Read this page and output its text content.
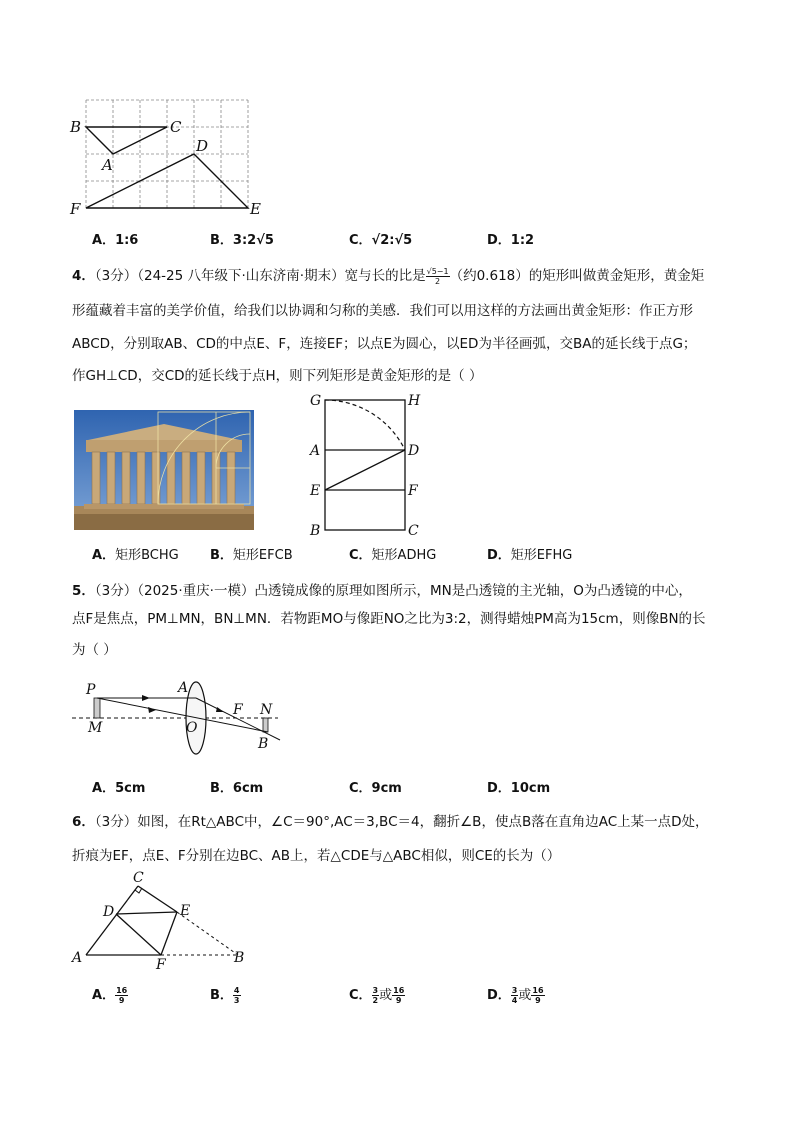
B	C
A
D
F	E
A．1:6	B．3:2√5	C．√2:√5	D．1:2
4．（3分）（24-25 八年级下·山东济南·期末）宽与长的比是 $\frac{√5-1}{2}$ （约0.618）的矩形叫做黄金矩形，黄金矩
形蕴藏着丰富的美学价值，给我们以协调和匀称的美感．我们可以用这样的方法画出黄金矩形：作正方形
ABCD，分别取AB、CD的中点E、F，连接EF；以点E为圆心，以ED为半径画弧，交BA的延长线于点G；
作GH⊥CD，交CD的延长线于点H，则下列矩形是黄金矩形的是（ ）
G	H
A	D
E	F
B	C
A．矩形BCHG B．矩形EFCB	C．矩形ADHG	D．矩形EFHG
5．（3分）（2025·重庆·一模）凸透镜成像的原理如图所示，MN是凸透镜的主光轴，O为凸透镜的中心，
点F是焦点，PM⊥MN，BN⊥MN．若物距MO与像距NO之比为3:2，测得蜡烛PM高为15cm，则像BN的长
为（ ）
P	A
F N
M	O
B
A．5cm	B．6cm	C．9cm	D．10cm
6．（3分）如图，在Rt△ABC中，∠C＝90°,AC＝3,BC＝4，翻折∠B，使点B落在直角边AC上某一点D处，
折痕为EF，点E、F分别在边BC、AB上，若△CDE与△ABC相似，则CE的长为（）
C
D	E
A	F	B
A． $\frac{16}{9}$	B． $\frac{4}{3}$	C． $\frac{3}{2}$ 或 $\frac{16}{9}$	D． $\frac{3}{4}$ 或 $\frac{16}{9}$
